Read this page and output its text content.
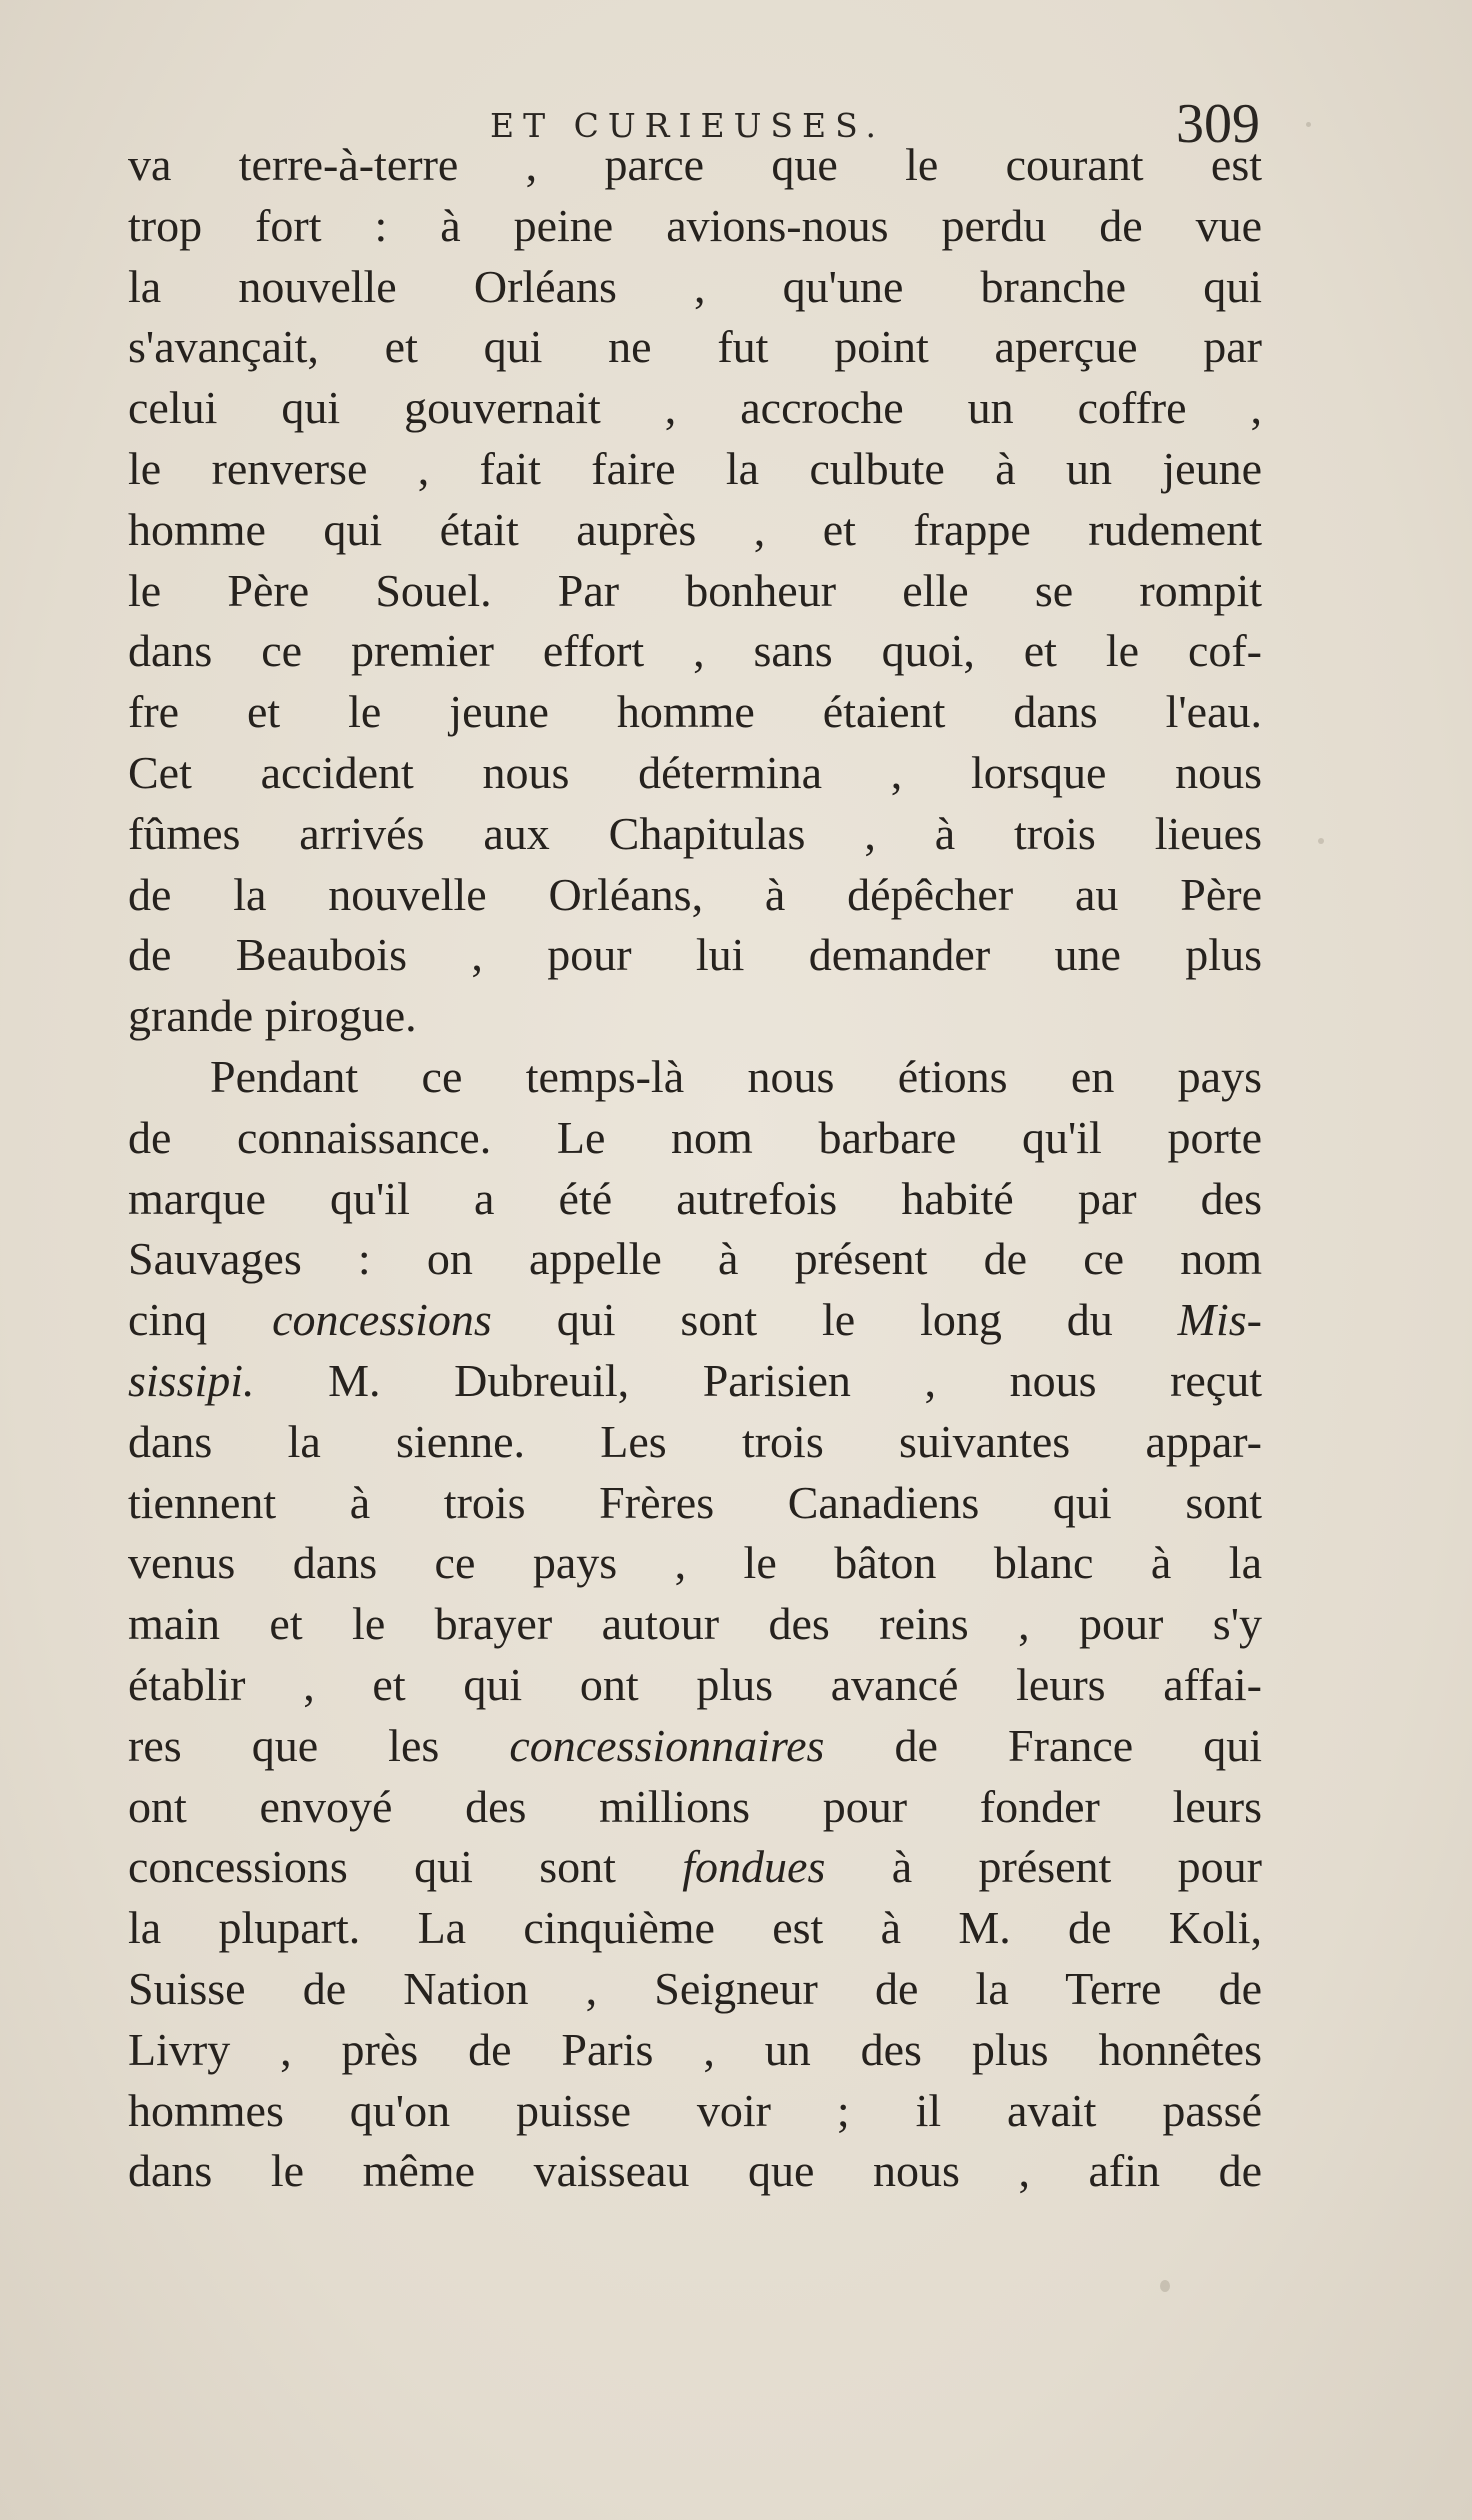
ET CURIEUSES.	309
va terre-à-terre , parce que le courant est
trop fort : à peine avions-nous perdu de vue
la nouvelle Orléans , qu'une branche qui
s'avançait, et qui ne fut point aperçue par
celui qui gouvernait , accroche un coffre ,
le renverse , fait faire la culbute à un jeune
homme qui était auprès , et frappe rudement
le Père Souel. Par bonheur elle se rompit
dans ce premier effort , sans quoi, et le cof-
fre et le jeune homme étaient dans l'eau.
Cet accident nous détermina , lorsque nous
fûmes arrivés aux Chapitulas , à trois lieues
de la nouvelle Orléans, à dépêcher au Père
de Beaubois , pour lui demander une plus
grande pirogue.
Pendant ce temps-là nous étions en pays
de connaissance. Le nom barbare qu'il porte
marque qu'il a été autrefois habité par des
Sauvages : on appelle à présent de ce nom
cinq concessions qui sont le long du Mis-
sissipi. M. Dubreuil, Parisien , nous reçut
dans la sienne. Les trois suivantes appar-
tiennent à trois Frères Canadiens qui sont
venus dans ce pays , le bâton blanc à la
main et le brayer autour des reins , pour s'y
établir , et qui ont plus avancé leurs affai-
res que les concessionnaires de France qui
ont envoyé des millions pour fonder leurs
concessions qui sont fondues à présent pour
la plupart. La cinquième est à M. de Koli,
Suisse de Nation , Seigneur de la Terre de
Livry , près de Paris , un des plus honnêtes
hommes qu'on puisse voir ; il avait passé
dans le même vaisseau que nous , afin de
